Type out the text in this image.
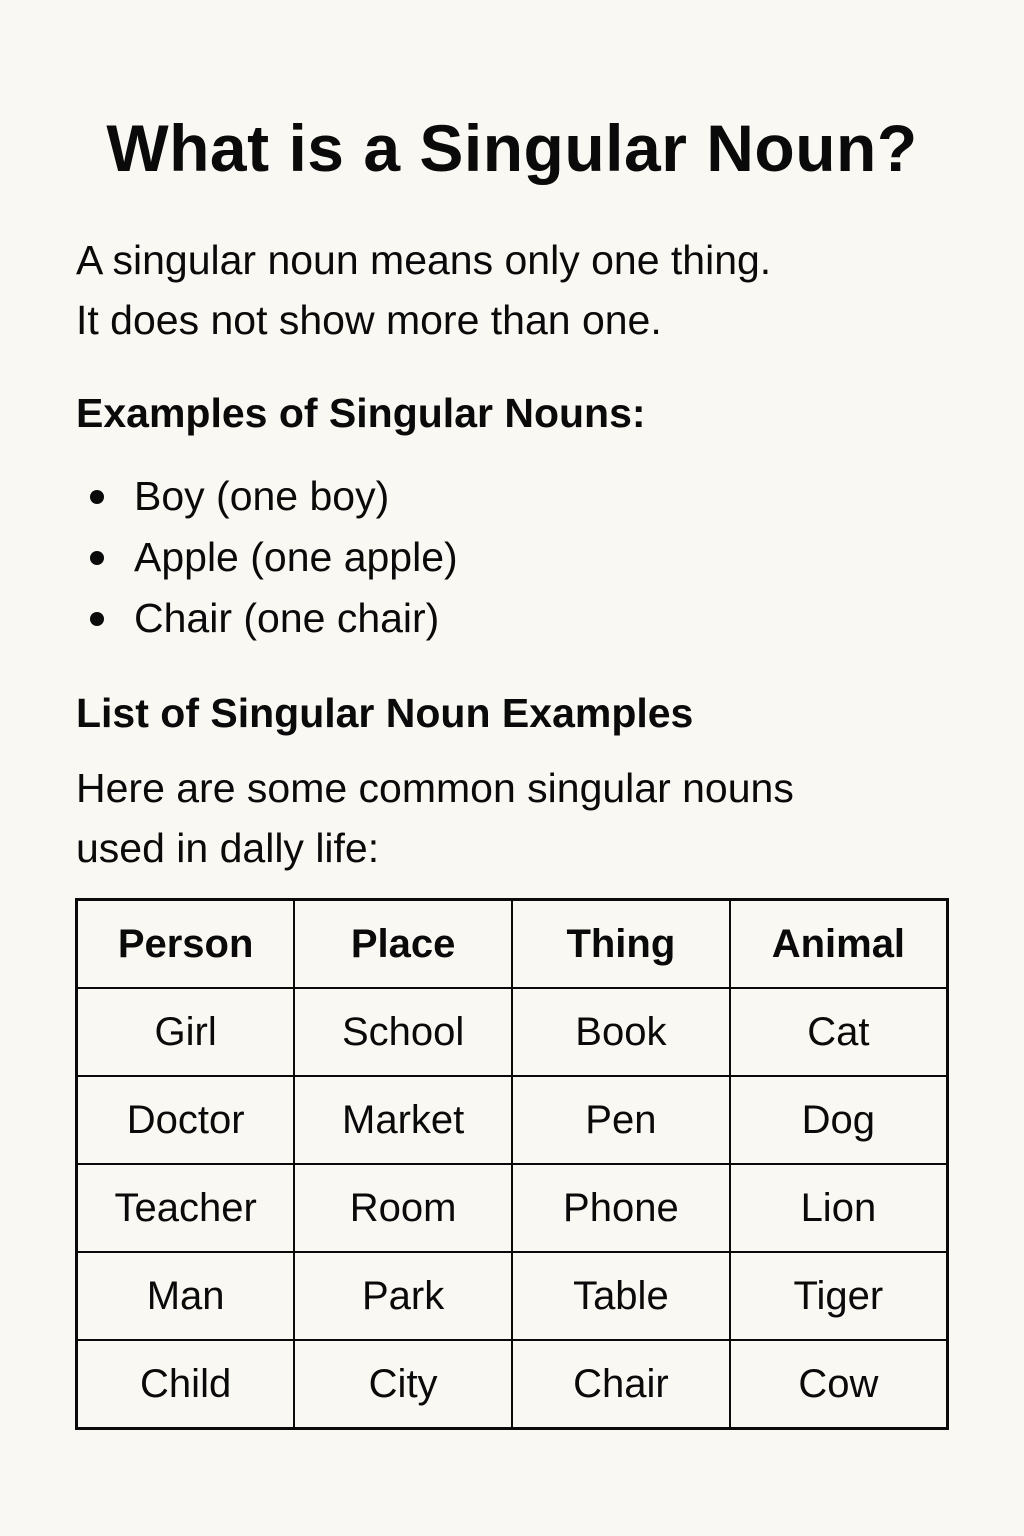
What is a Singular Noun?

A singular noun means only one thing.
It does not show more than one.

Examples of Singular Nouns:
Boy (one boy)
Apple (one apple)
Chair (one chair)
List of Singular Noun Examples

Here are some common singular nouns
used in dally life:

Person	Place	Thing	Animal
Girl	School	Book	Cat
Doctor	Market	Pen	Dog
Teacher	Room	Phone	Lion
Man	Park	Table	Tiger
Child	City	Chair	Cow
